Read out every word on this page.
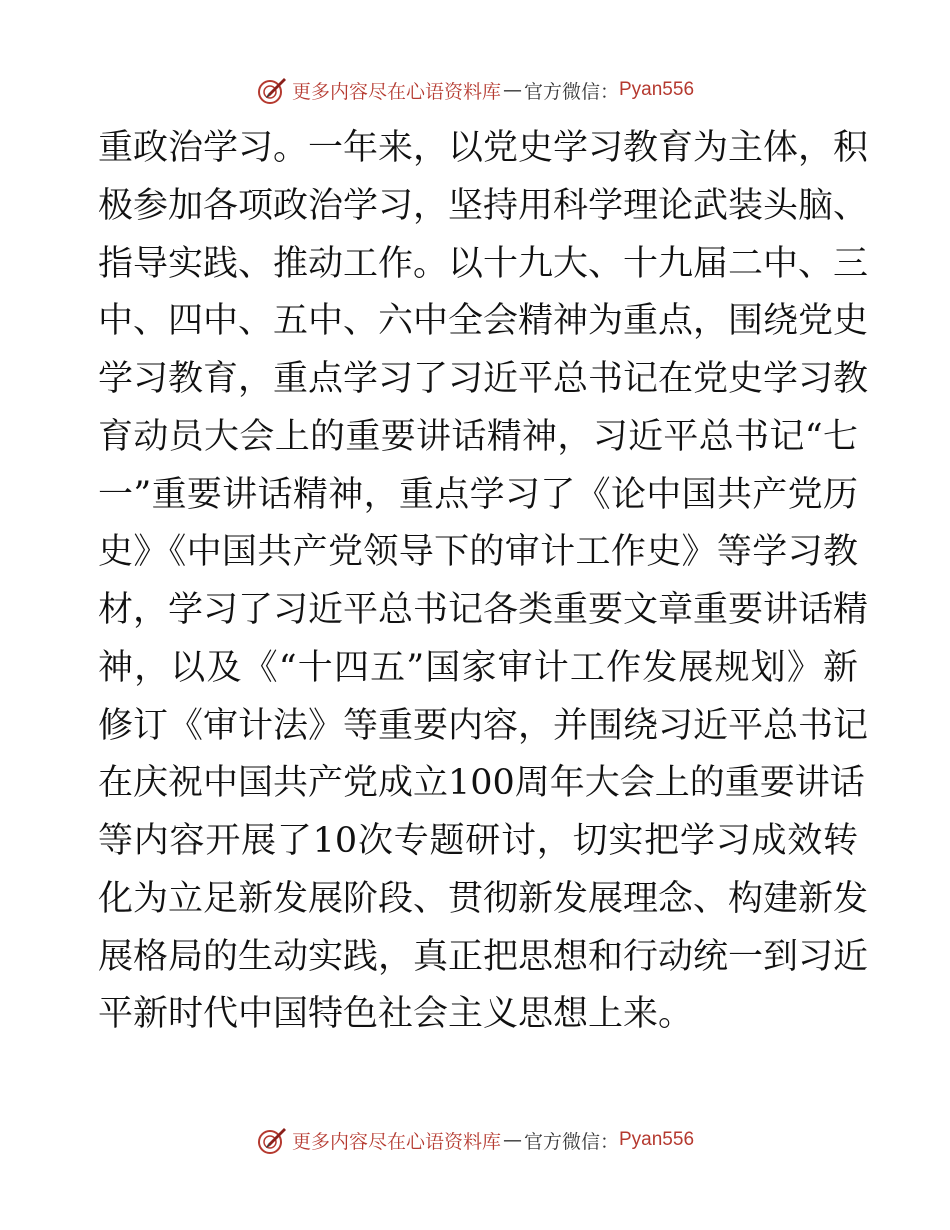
更多内容尽在心语资料库 — 官方微信： Pyan556
重政治学习。一年来，以党史学习教育为主体，积
极参加各项政治学习，坚持用科学理论武装头脑、
指导实践、推动工作。以十九大、十九届二中、三
中、四中、五中、六中全会精神为重点，围绕党史
学习教育，重点学习了习近平总书记在党史学习教
育动员大会上的重要讲话精神，习近平总书记“七
一”重要讲话精神，重点学习了《论中国共产党历
史》《中国共产党领导下的审计工作史》等学习教
材，学习了习近平总书记各类重要文章重要讲话精
神，以及《“十四五”国家审计工作发展规划》新
修订《审计法》等重要内容，并围绕习近平总书记
在庆祝中国共产党成立100周年大会上的重要讲话
等内容开展了10次专题研讨，切实把学习成效转
化为立足新发展阶段、贯彻新发展理念、构建新发
展格局的生动实践，真正把思想和行动统一到习近
平新时代中国特色社会主义思想上来。
更多内容尽在心语资料库 — 官方微信： Pyan556
